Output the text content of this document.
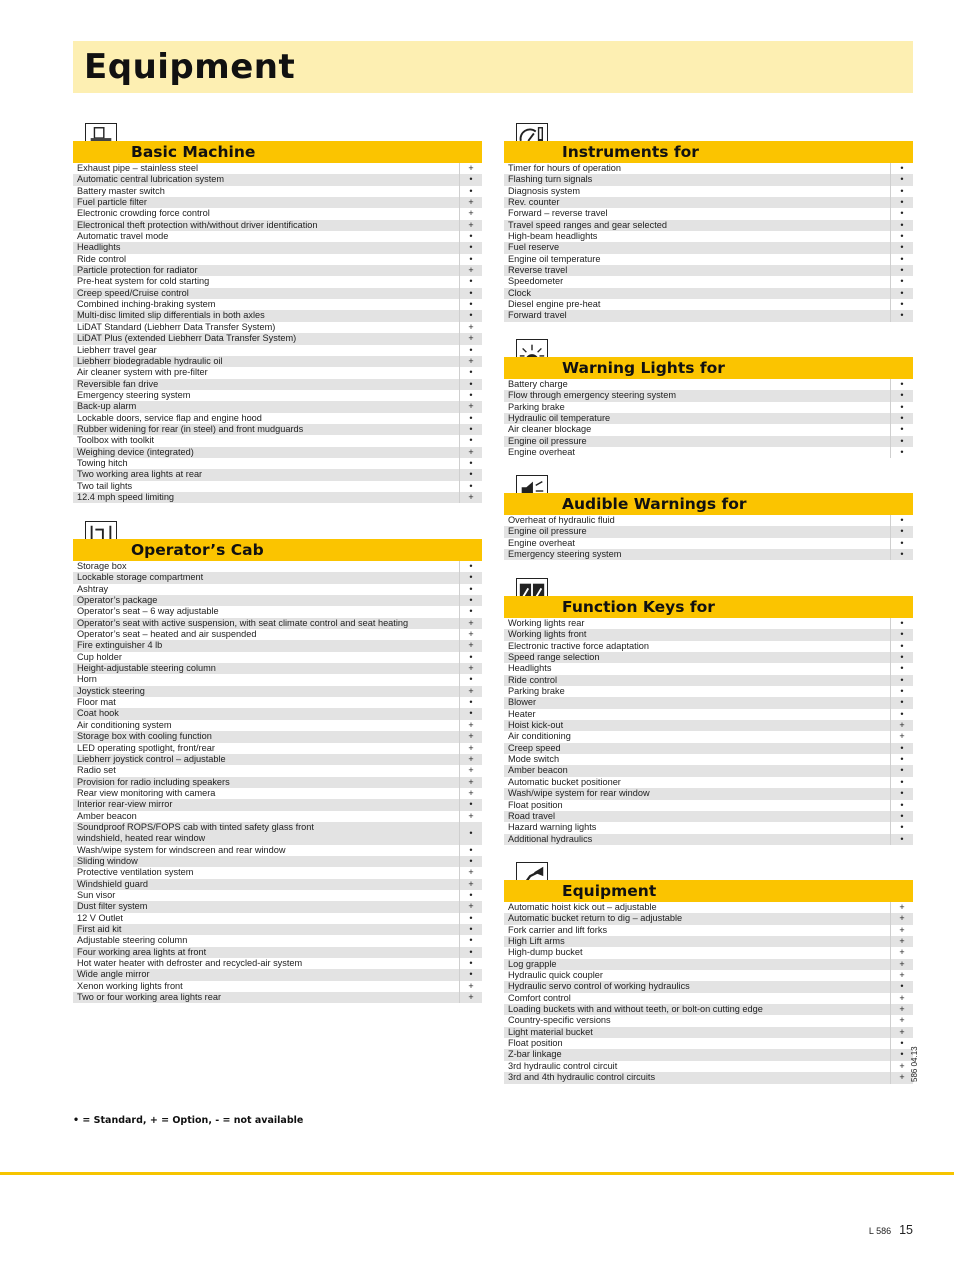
Equipment
Basic Machine
Exhaust pipe – stainless steel	+
Automatic central lubrication system	•
Battery master switch	•
Fuel particle filter	+
Electronic crowding force control	+
Electronical theft protection with/without driver identification	+
Automatic travel mode	•
Headlights	•
Ride control	•
Particle protection for radiator	+
Pre-heat system for cold starting	•
Creep speed/Cruise control	•
Combined inching-braking system	•
Multi-disc limited slip differentials in both axles	•
LiDAT Standard (Liebherr Data Transfer System)	+
LiDAT Plus (extended Liebherr Data Transfer System)	+
Liebherr travel gear	•
Liebherr biodegradable hydraulic oil	+
Air cleaner system with pre-filter	•
Reversible fan drive	•
Emergency steering system	•
Back-up alarm	+
Lockable doors, service flap and engine hood	•
Rubber widening for rear (in steel) and front mudguards	•
Toolbox with toolkit	•
Weighing device (integrated)	+
Towing hitch	•
Two working area lights at rear	•
Two tail lights	•
12.4 mph speed limiting	+
Operator’s Cab
Storage box	•
Lockable storage compartment	•
Ashtray	•
Operator’s package	•
Operator’s seat – 6 way adjustable	•
Operator’s seat with active suspension, with seat climate control and seat heating	+
Operator’s seat – heated and air suspended	+
Fire extinguisher 4 lb	+
Cup holder	•
Height-adjustable steering column	+
Horn	•
Joystick steering	+
Floor mat	•
Coat hook	•
Air conditioning system	+
Storage box with cooling function	+
LED operating spotlight, front/rear	+
Liebherr joystick control – adjustable	+
Radio set	+
Provision for radio including speakers	+
Rear view monitoring with camera	+
Interior rear-view mirror	•
Amber beacon	+
Soundproof ROPS/FOPS cab with tinted safety glass front
windshield, heated rear window
•
Wash/wipe system for windscreen and rear window	•
Sliding window	•
Protective ventilation system	+
Windshield guard	+
Sun visor	•
Dust filter system	+
12 V Outlet	•
First aid kit	•
Adjustable steering column	•
Four working area lights at front	•
Hot water heater with defroster and recycled-air system	•
Wide angle mirror	•
Xenon working lights front	+
Two or four working area lights rear	+
Instruments for
Timer for hours of operation	•
Flashing turn signals	•
Diagnosis system	•
Rev. counter	•
Forward – reverse travel	•
Travel speed ranges and gear selected	•
High-beam headlights	•
Fuel reserve	•
Engine oil temperature	•
Reverse travel	•
Speedometer	•
Clock	•
Diesel engine pre-heat	•
Forward travel	•
Warning Lights for
Battery charge	•
Flow through emergency steering system	•
Parking brake	•
Hydraulic oil temperature	•
Air cleaner blockage	•
Engine oil pressure	•
Engine overheat	•
Audible Warnings for
Overheat of hydraulic fluid	•
Engine oil pressure	•
Engine overheat	•
Emergency steering system	•
Function Keys for
Working lights rear	•
Working lights front	•
Electronic tractive force adaptation	•
Speed range selection	•
Headlights	•
Ride control	•
Parking brake	•
Blower	•
Heater	•
Hoist kick-out	+
Air conditioning	+
Creep speed	•
Mode switch	•
Amber beacon	•
Automatic bucket positioner	•
Wash/wipe system for rear window	•
Float position	•
Road travel	•
Hazard warning lights	•
Additional hydraulics	•
Equipment
Automatic hoist kick out – adjustable	+
Automatic bucket return to dig – adjustable	+
Fork carrier and lift forks	+
High Lift arms	+
High-dump bucket	+
Log grapple	+
Hydraulic quick coupler	+
Hydraulic servo control of working hydraulics	•
Comfort control	+
Loading buckets with and without teeth, or bolt-on cutting edge	+
Country-specific versions	+
Light material bucket	+
Float position	•
Z-bar linkage	•
3rd hydraulic control circuit	+
3rd and 4th hydraulic control circuits	+
• = Standard, + = Option, - = not available
586 04.13
L 586 15
